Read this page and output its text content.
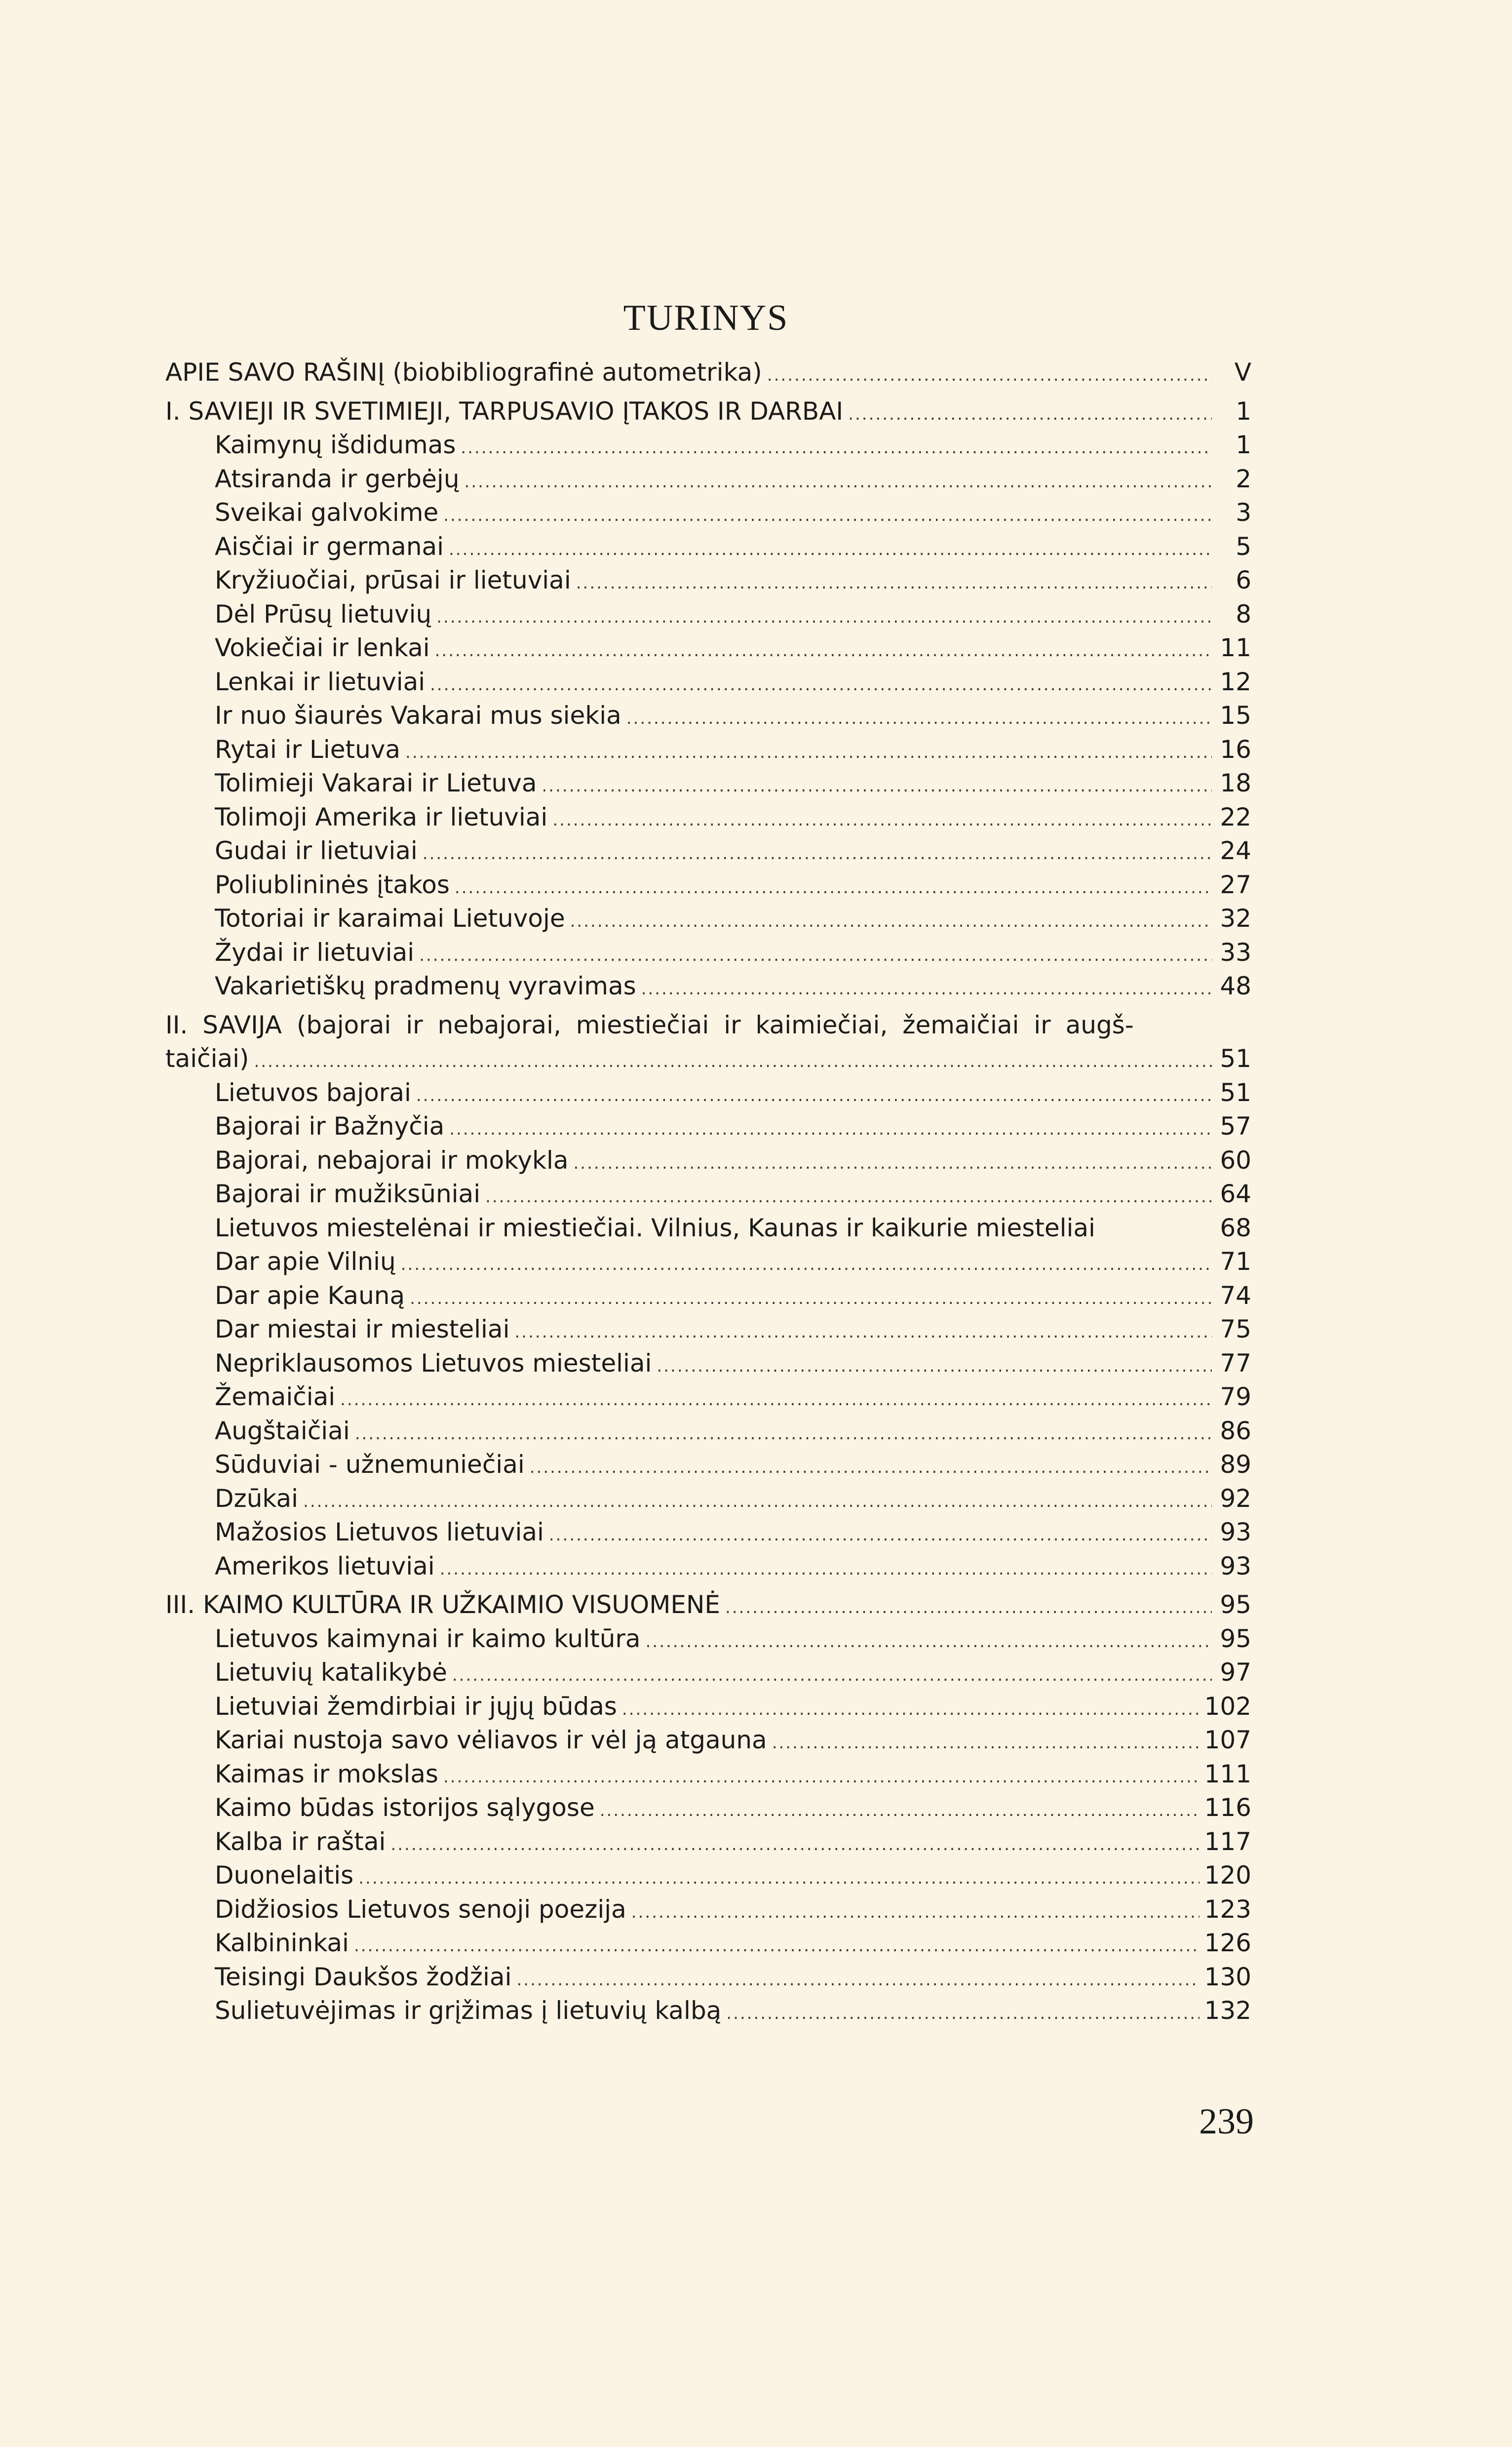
TURINYS
APIE SAVO RAŠINĮ (biobibliografinė autometrika) .....	V
I. SAVIEJI IR SVETIMIEJI, TARPUSAVIO ĮTAKOS IR DARBAI .....	1
Kaimynų išdidumas .....	1
Atsiranda ir gerbėjų .....	2
Sveikai galvokime .....	3
Aisčiai ir germanai .....	5
Kryžiuočiai, prūsai ir lietuviai .....	6
Dėl Prūsų lietuvių .....	8
Vokiečiai ir lenkai .....	11
Lenkai ir lietuviai .....	12
Ir nuo šiaurės Vakarai mus siekia .....	15
Rytai ir Lietuva .....	16
Tolimieji Vakarai ir Lietuva .....	18
Tolimoji Amerika ir lietuviai .....	22
Gudai ir lietuviai .....	24
Poliublininės įtakos .....	27
Totoriai ir karaimai Lietuvoje .....	32
Žydai ir lietuviai .....	33
Vakarietiškų pradmenų vyravimas .....	48
II. SAVIJA (bajorai ir nebajorai, miestiečiai ir kaimiečiai, žemaičiai ir augš-
taičiai) .....	51
Lietuvos bajorai .....	51
Bajorai ir Bažnyčia .....	57
Bajorai, nebajorai ir mokykla .....	60
Bajorai ir mužiksūniai .....	64
Lietuvos miestelėnai ir miestiečiai. Vilnius, Kaunas ir kaikurie miesteliai	68
Dar apie Vilnių .....	71
Dar apie Kauną .....	74
Dar miestai ir miesteliai .....	75
Nepriklausomos Lietuvos miesteliai .....	77
Žemaičiai .....	79
Augštaičiai .....	86
Sūduviai - užnemuniečiai .....	89
Dzūkai .....	92
Mažosios Lietuvos lietuviai .....	93
Amerikos lietuviai .....	93
III. KAIMO KULTŪRA IR UŽKAIMIO VISUOMENĖ .....	95
Lietuvos kaimynai ir kaimo kultūra .....	95
Lietuvių katalikybė .....	97
Lietuviai žemdirbiai ir jųjų būdas .....	102
Kariai nustoja savo vėliavos ir vėl ją atgauna .....	107
Kaimas ir mokslas .....	111
Kaimo būdas istorijos sąlygose .....	116
Kalba ir raštai .....	117
Duonelaitis .....	120
Didžiosios Lietuvos senoji poezija .....	123
Kalbininkai .....	126
Teisingi Daukšos žodžiai .....	130
Sulietuvėjimas ir grįžimas į lietuvių kalbą .....	132
239
